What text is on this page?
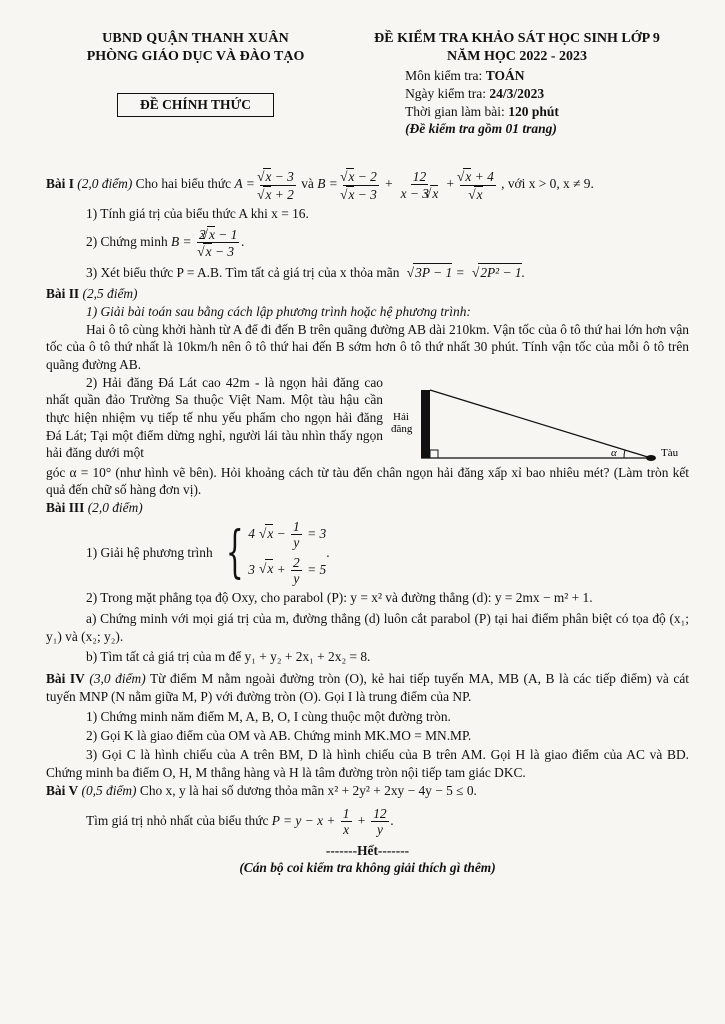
UBND QUẬN THANH XUÂN
PHÒNG GIÁO DỤC VÀ ĐÀO TẠO
ĐỀ CHÍNH THỨC
ĐỀ KIỂM TRA KHẢO SÁT HỌC SINH LỚP 9
NĂM HỌC 2022 - 2023
Môn kiểm tra: TOÁN
Ngày kiểm tra: 24/3/2023
Thời gian làm bài: 120 phút
(Đề kiểm tra gồm 01 trang)
Bài I (2,0 điểm) Cho hai biểu thức A = √ x − 3
√ x + 2 và B = √ x − 2
√ $x - 3 + \frac{12}{x - 3 √ x}$ + √ x + 4
√ x , với x > 0, x ≠ 9.
1) Tính giá trị của biểu thức A khi x = 16.
2) Chứng minh B = 2 √ x − 1
√ x − 3 .
3) Xét biểu thức P = A.B. Tìm tất cả giá trị của x thỏa mãn √ 3P − 1 = √ 2P² − 1.
Bài II (2,5 điểm)
1) Giải bài toán sau bằng cách lập phương trình hoặc hệ phương trình:
Hai ô tô cùng khởi hành từ A để đi đến B trên quãng đường AB dài 210km. Vận tốc của ô tô thứ hai lớn hơn vận tốc của ô tô thứ nhất là 10km/h nên ô tô thứ hai đến B sớm hơn ô tô thứ nhất 30 phút. Tính vận tốc của mỗi ô tô trên quãng đường AB.
2) Hải đăng Đá Lát cao 42m - là ngọn hải đăng cao nhất quần đảo Trường Sa thuộc Việt Nam. Một tàu hậu cần thực hiện nhiệm vụ tiếp tế nhu yếu phẩm cho ngọn hải đăng Đá Lát; Tại một điểm dừng nghỉ, người lái tàu nhìn thấy ngọn hải đăng dưới một
Hải
đăng
α	Tàu
góc α = 10° (như hình vẽ bên). Hỏi khoảng cách từ tàu đến chân ngọn hải đăng xấp xỉ bao nhiêu mét? (Làm tròn kết quả đến chữ số hàng đơn vị).
Bài III (2,0 điểm)
1) Giải hệ phương trình { 4 √ $x - \frac{1}{y} = 3$
3 √ $x + \frac{2}{y} = 5$
.
2) Trong mặt phẳng tọa độ Oxy, cho parabol (P): y = x² và đường thẳng (d): y = 2mx − m² + 1.
a) Chứng minh với mọi giá trị của m, đường thẳng (d) luôn cắt parabol (P) tại hai điểm phân biệt có tọa độ (x₁; y₁) và (x₂; y₂).
b) Tìm tất cả giá trị của m để y₁ + y₂ + 2x₁ + 2x₂ = 8.
Bài IV (3,0 điểm) Từ điểm M nằm ngoài đường tròn (O), kẻ hai tiếp tuyến MA, MB (A, B là các tiếp điểm) và cát tuyến MNP (N nằm giữa M, P) với đường tròn (O). Gọi I là trung điểm của NP.
1) Chứng minh năm điểm M, A, B, O, I cùng thuộc một đường tròn.
2) Gọi K là giao điểm của OM và AB. Chứng minh MK.MO = MN.MP.
3) Gọi C là hình chiếu của A trên BM, D là hình chiếu của B trên AM. Gọi H là giao điểm của AC và BD. Chứng minh ba điểm O, H, M thẳng hàng và H là tâm đường tròn nội tiếp tam giác DKC.
Bài V (0,5 điểm) Cho x, y là hai số dương thỏa mãn x² + 2y² + 2xy − 4y − 5 ≤ 0.
Tìm giá trị nhỏ nhất của biểu thức $P = y - x + \frac{1}{x} + \frac{12}{y}$ .
-------Hết-------
(Cán bộ coi kiểm tra không giải thích gì thêm)
